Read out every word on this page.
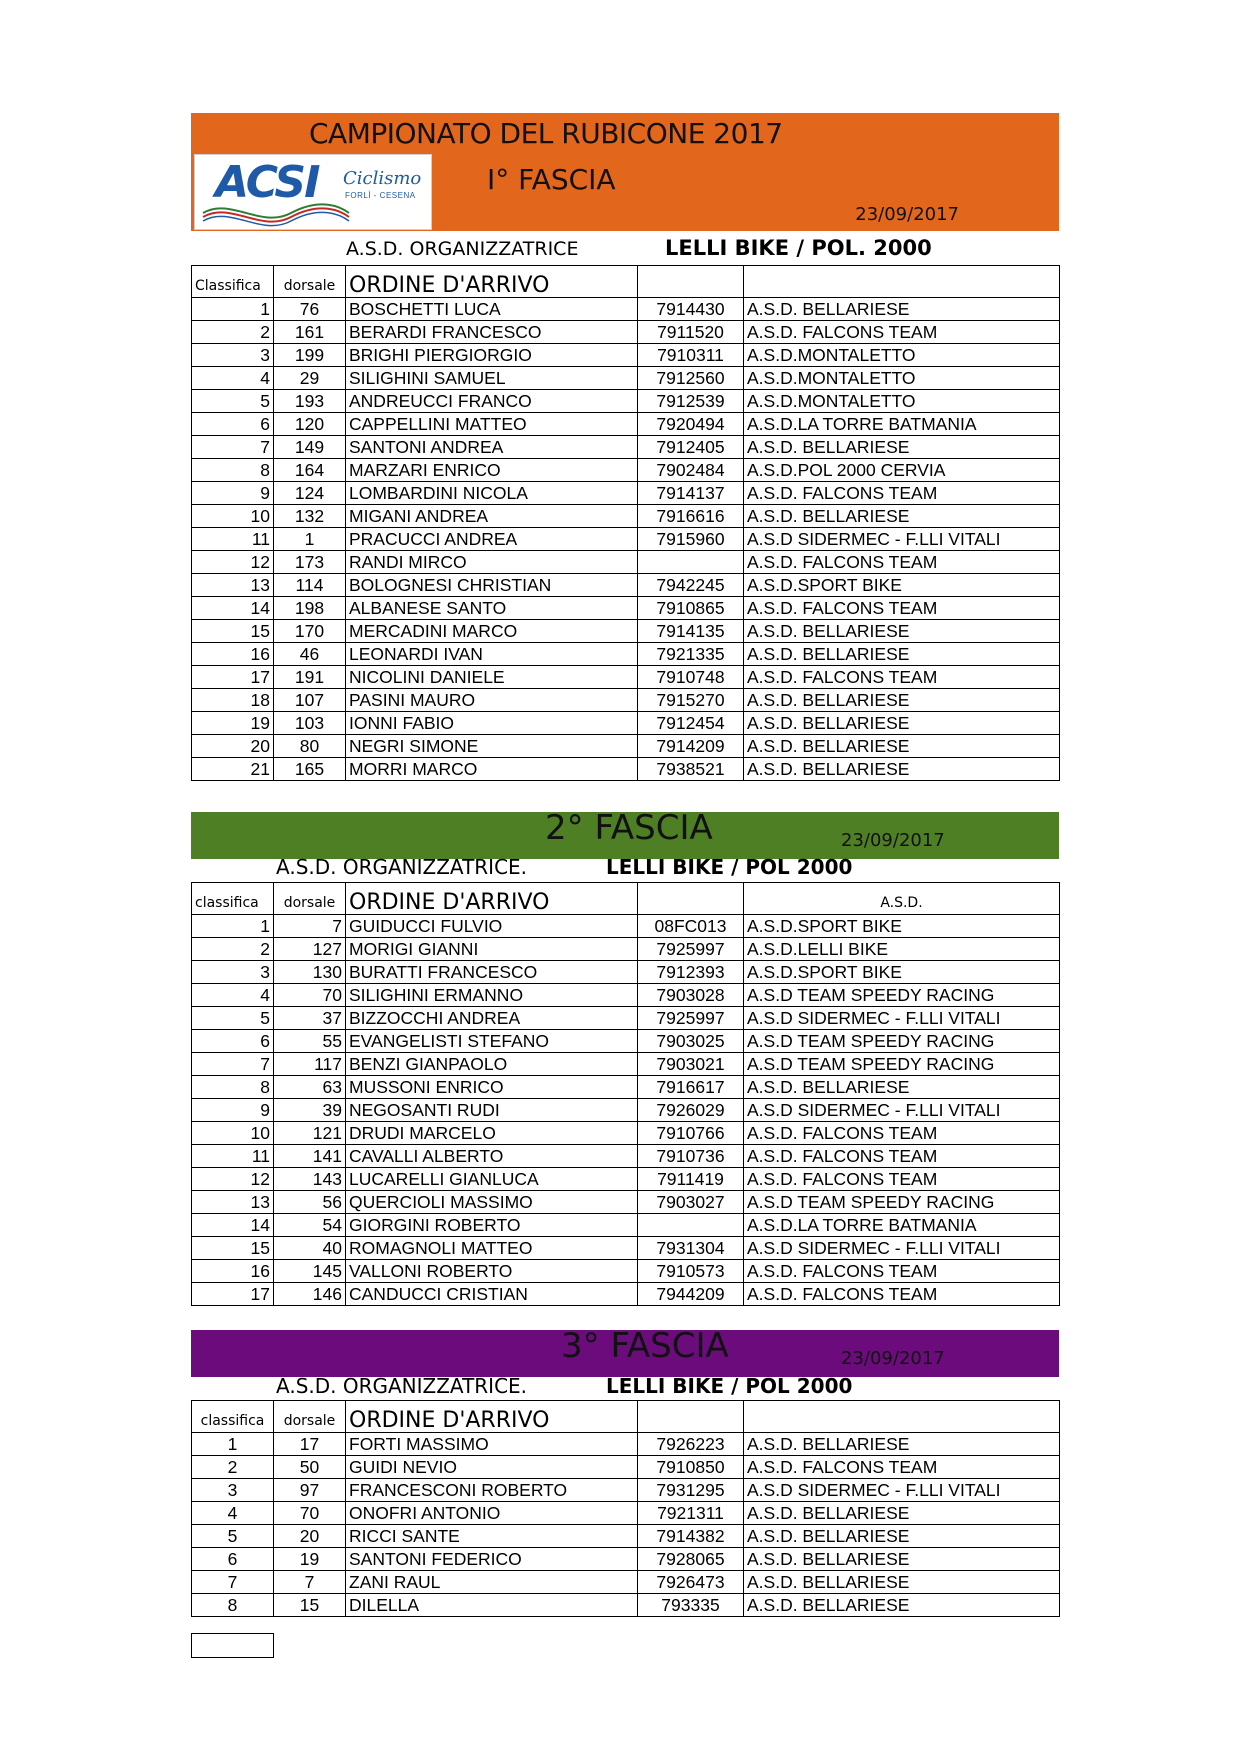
CAMPIONATO DEL RUBICONE 2017
I° FASCIA
23/09/2017
ACSI Ciclismo
FORLÌ - CESENA
A.S.D. ORGANIZZATRICE	LELLI BIKE / POL. 2000
Classifica	dorsale	ORDINE D'ARRIVO		
1	76	BOSCHETTI LUCA	7914430	A.S.D. BELLARIESE
2	161	BERARDI FRANCESCO	7911520	A.S.D. FALCONS TEAM
3	199	BRIGHI PIERGIORGIO	7910311	A.S.D.MONTALETTO
4	29	SILIGHINI SAMUEL	7912560	A.S.D.MONTALETTO
5	193	ANDREUCCI FRANCO	7912539	A.S.D.MONTALETTO
6	120	CAPPELLINI MATTEO	7920494	A.S.D.LA TORRE BATMANIA
7	149	SANTONI ANDREA	7912405	A.S.D. BELLARIESE
8	164	MARZARI ENRICO	7902484	A.S.D.POL 2000 CERVIA
9	124	LOMBARDINI NICOLA	7914137	A.S.D. FALCONS TEAM
10	132	MIGANI ANDREA	7916616	A.S.D. BELLARIESE
11	1	PRACUCCI ANDREA	7915960	A.S.D SIDERMEC - F.LLI VITALI
12	173	RANDI MIRCO		A.S.D. FALCONS TEAM
13	114	BOLOGNESI CHRISTIAN	7942245	A.S.D.SPORT BIKE
14	198	ALBANESE SANTO	7910865	A.S.D. FALCONS TEAM
15	170	MERCADINI MARCO	7914135	A.S.D. BELLARIESE
16	46	LEONARDI IVAN	7921335	A.S.D. BELLARIESE
17	191	NICOLINI DANIELE	7910748	A.S.D. FALCONS TEAM
18	107	PASINI MAURO	7915270	A.S.D. BELLARIESE
19	103	IONNI FABIO	7912454	A.S.D. BELLARIESE
20	80	NEGRI SIMONE	7914209	A.S.D. BELLARIESE
21	165	MORRI MARCO	7938521	A.S.D. BELLARIESE
2° FASCIA	23/09/2017
A.S.D. ORGANIZZATRICE.	LELLI BIKE / POL 2000
classifica	dorsale	ORDINE D'ARRIVO		A.S.D.
1	7	GUIDUCCI FULVIO	08FC013	A.S.D.SPORT BIKE
2	127	MORIGI GIANNI	7925997	A.S.D.LELLI BIKE
3	130	BURATTI FRANCESCO	7912393	A.S.D.SPORT BIKE
4	70	SILIGHINI ERMANNO	7903028	A.S.D TEAM SPEEDY RACING
5	37	BIZZOCCHI ANDREA	7925997	A.S.D SIDERMEC - F.LLI VITALI
6	55	EVANGELISTI STEFANO	7903025	A.S.D TEAM SPEEDY RACING
7	117	BENZI GIANPAOLO	7903021	A.S.D TEAM SPEEDY RACING
8	63	MUSSONI ENRICO	7916617	A.S.D. BELLARIESE
9	39	NEGOSANTI RUDI	7926029	A.S.D SIDERMEC - F.LLI VITALI
10	121	DRUDI MARCELO	7910766	A.S.D. FALCONS TEAM
11	141	CAVALLI ALBERTO	7910736	A.S.D. FALCONS TEAM
12	143	LUCARELLI GIANLUCA	7911419	A.S.D. FALCONS TEAM
13	56	QUERCIOLI MASSIMO	7903027	A.S.D TEAM SPEEDY RACING
14	54	GIORGINI ROBERTO		A.S.D.LA TORRE BATMANIA
15	40	ROMAGNOLI MATTEO	7931304	A.S.D SIDERMEC - F.LLI VITALI
16	145	VALLONI ROBERTO	7910573	A.S.D. FALCONS TEAM
17	146	CANDUCCI CRISTIAN	7944209	A.S.D. FALCONS TEAM
3° FASCIA	23/09/2017
A.S.D. ORGANIZZATRICE.	LELLI BIKE / POL 2000
classifica	dorsale	ORDINE D'ARRIVO		
1	17	FORTI MASSIMO	7926223	A.S.D. BELLARIESE
2	50	GUIDI NEVIO	7910850	A.S.D. FALCONS TEAM
3	97	FRANCESCONI ROBERTO	7931295	A.S.D SIDERMEC - F.LLI VITALI
4	70	ONOFRI ANTONIO	7921311	A.S.D. BELLARIESE
5	20	RICCI SANTE	7914382	A.S.D. BELLARIESE
6	19	SANTONI FEDERICO	7928065	A.S.D. BELLARIESE
7	7	ZANI RAUL	7926473	A.S.D. BELLARIESE
8	15	DILELLA	793335	A.S.D. BELLARIESE
